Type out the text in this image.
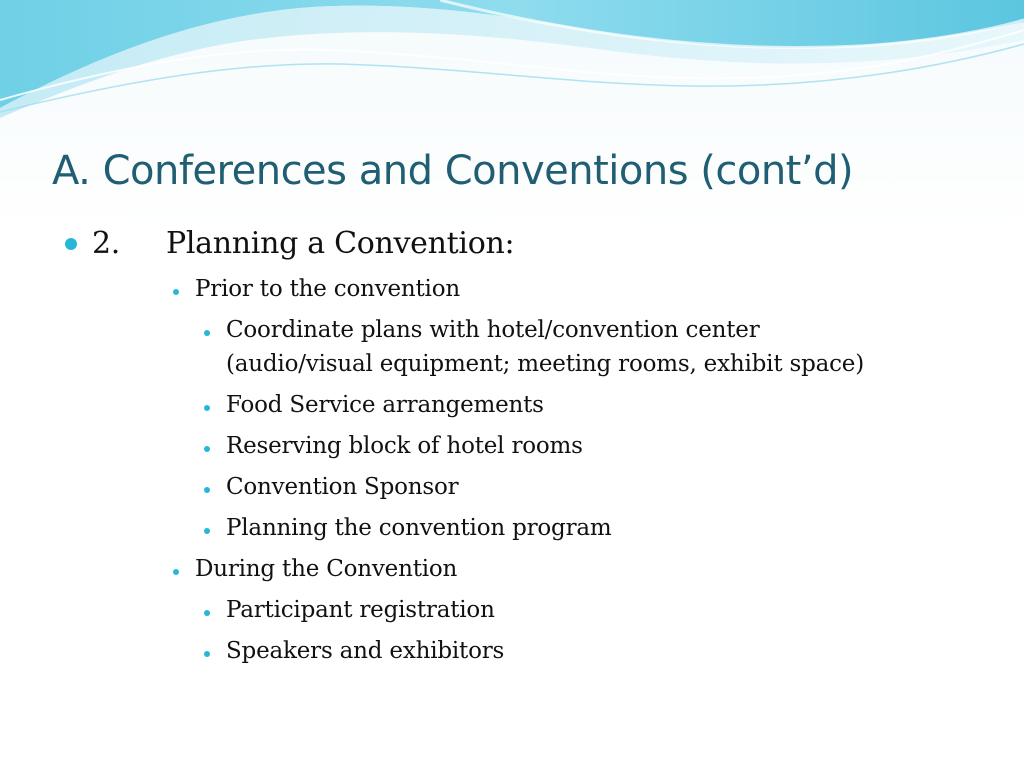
A. Conferences and Conventions (cont’d)
2. Planning a Convention:
Prior to the convention
Coordinate plans with hotel/convention center
(audio/visual equipment; meeting rooms, exhibit space)
Food Service arrangements
Reserving block of hotel rooms
Convention Sponsor
Planning the convention program
During the Convention
Participant registration
Speakers and exhibitors
